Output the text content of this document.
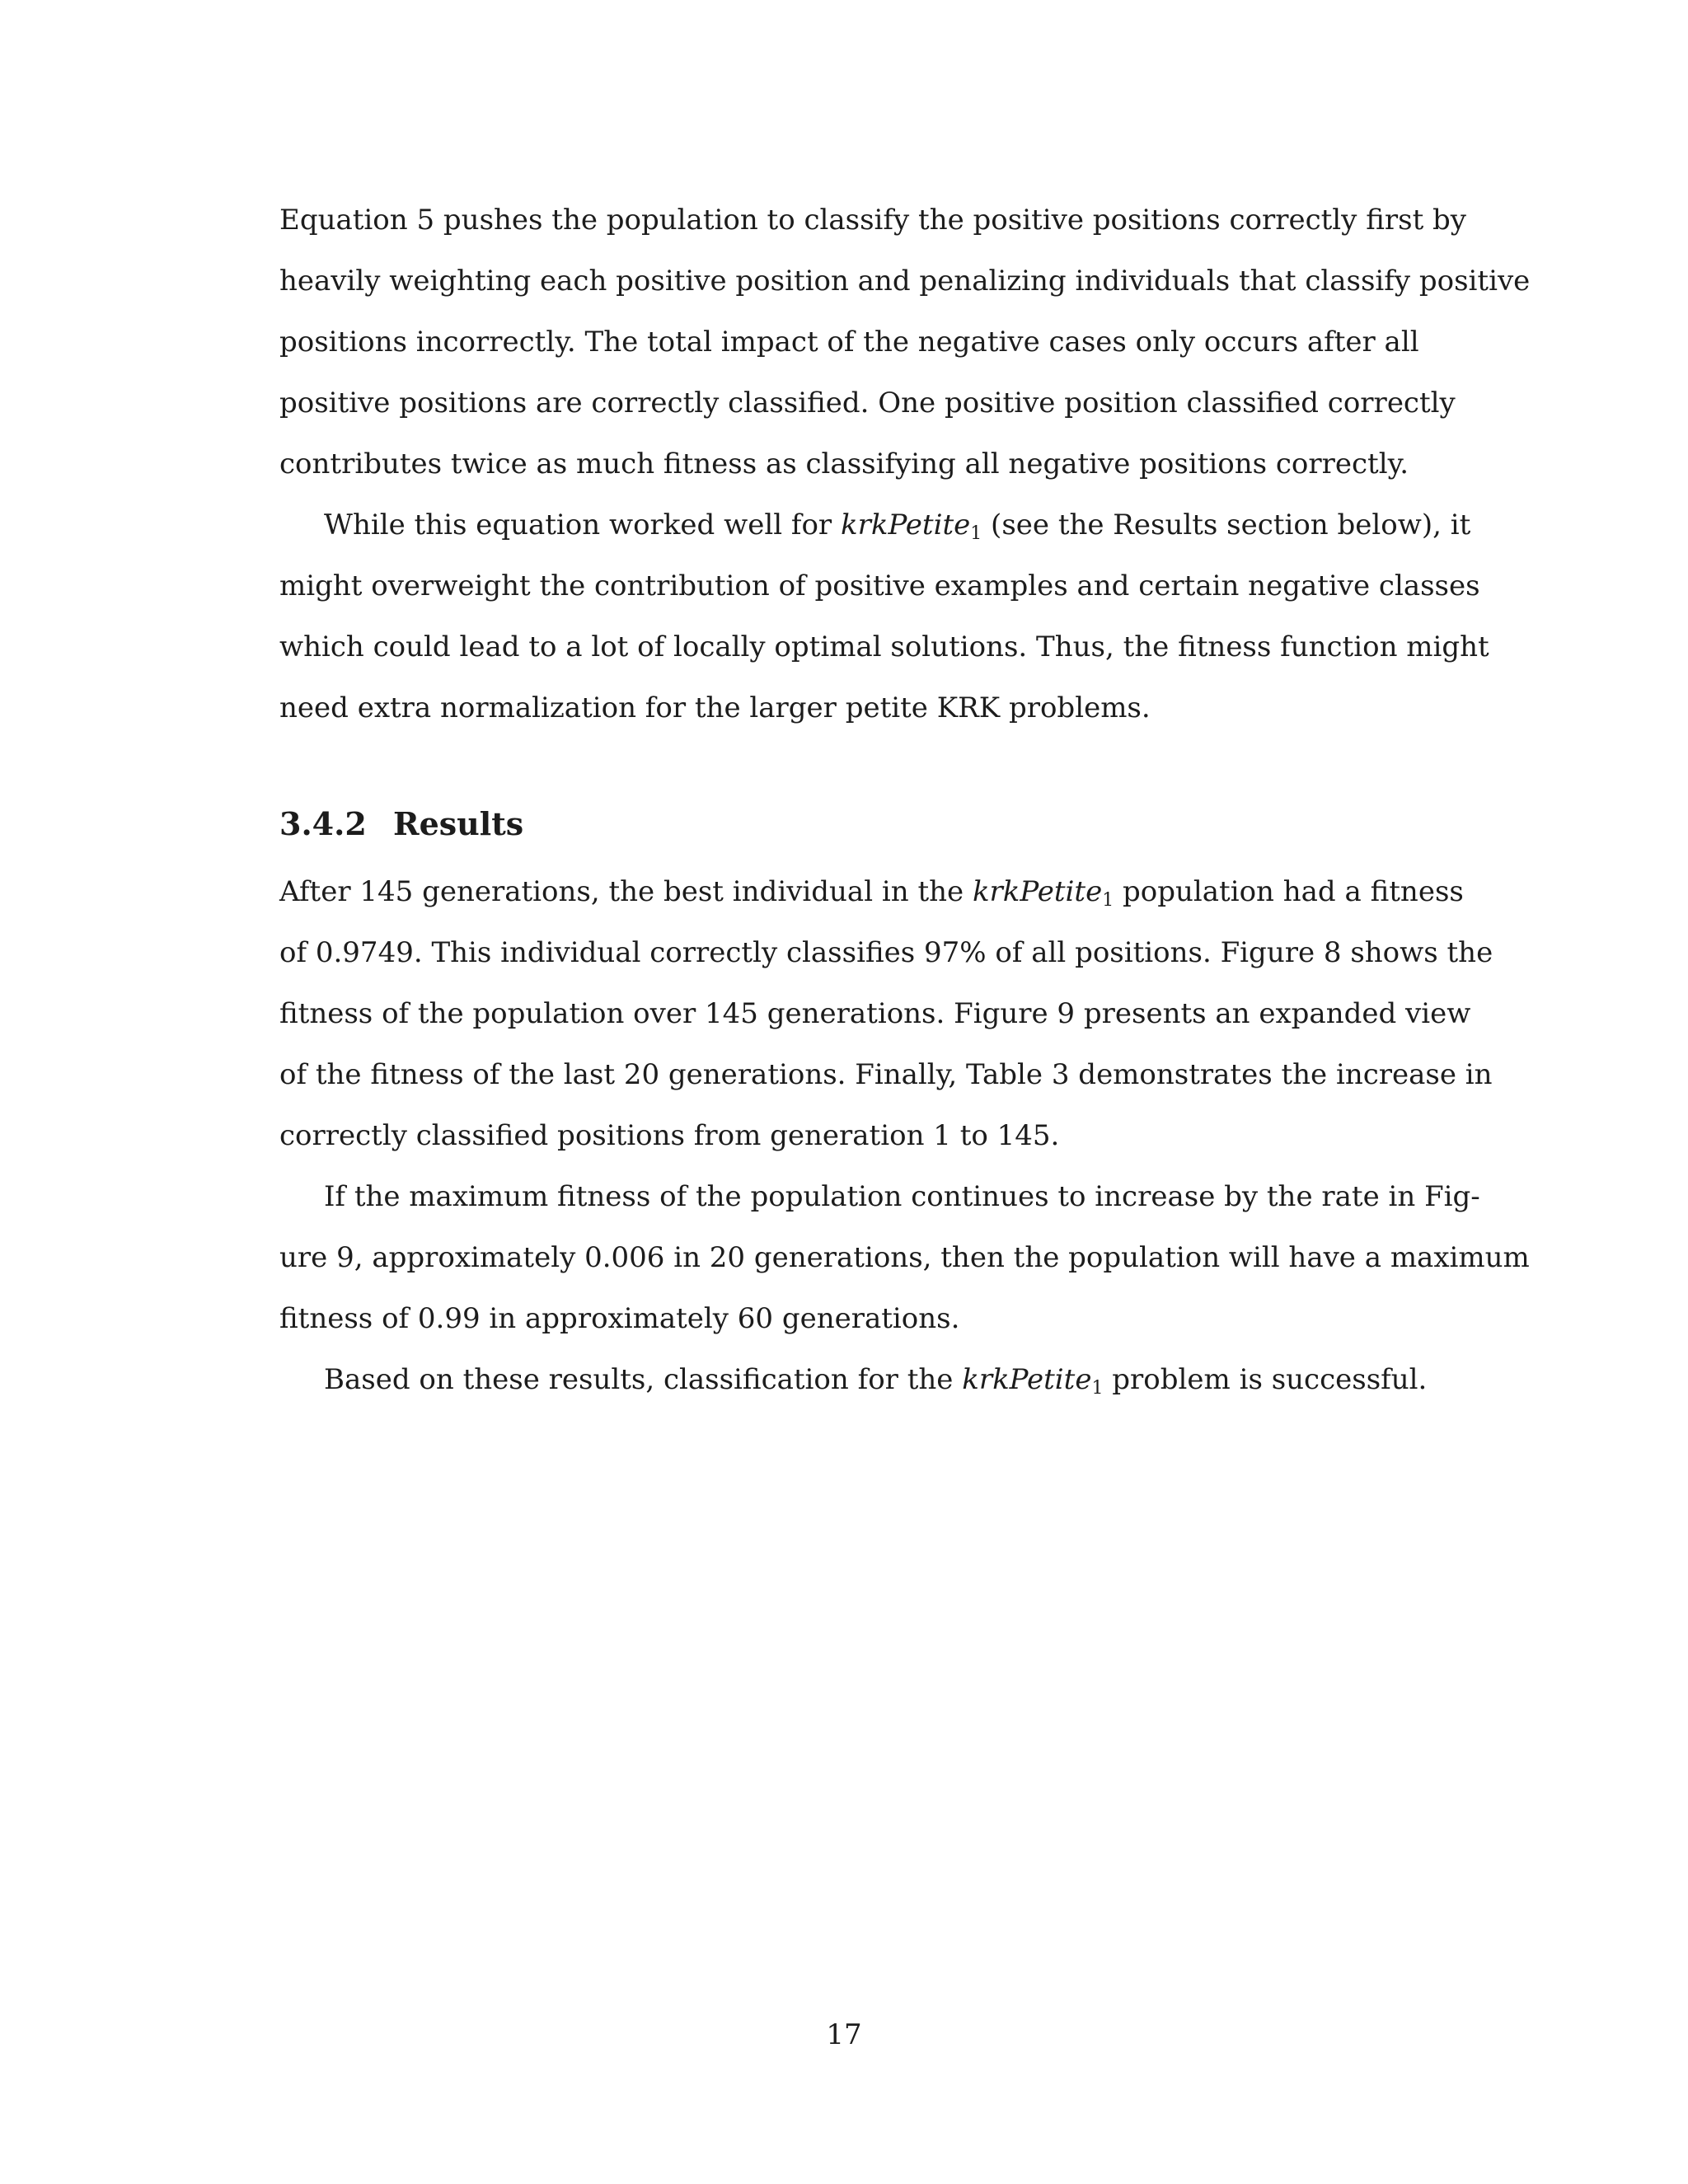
Equation 5 pushes the population to classify the positive positions correctly first by
heavily weighting each positive position and penalizing individuals that classify positive
positions incorrectly. The total impact of the negative cases only occurs after all
positive positions are correctly classified. One positive position classified correctly
contributes twice as much fitness as classifying all negative positions correctly.
While this equation worked well for krkPetite$_1$ (see the Results section below), it
might overweight the contribution of positive examples and certain negative classes
which could lead to a lot of locally optimal solutions. Thus, the fitness function might
need extra normalization for the larger petite KRK problems.
3.4.2 Results
After 145 generations, the best individual in the krkPetite$_1$ population had a fitness
of 0.9749. This individual correctly classifies 97% of all positions. Figure 8 shows the
fitness of the population over 145 generations. Figure 9 presents an expanded view
of the fitness of the last 20 generations. Finally, Table 3 demonstrates the increase in
correctly classified positions from generation 1 to 145.
If the maximum fitness of the population continues to increase by the rate in Fig-
ure 9, approximately 0.006 in 20 generations, then the population will have a maximum
fitness of 0.99 in approximately 60 generations.
Based on these results, classification for the krkPetite$_1$ problem is successful.
17
